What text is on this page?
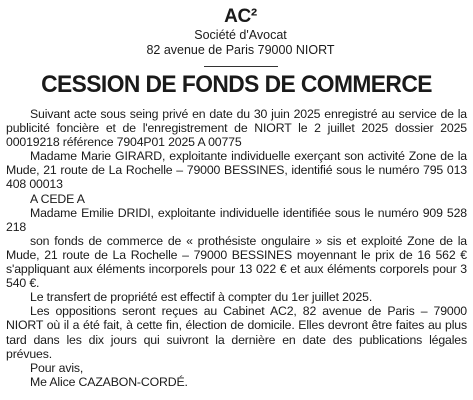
AC²
Société d'Avocat
82 avenue de Paris 79000 NIORT
CESSION DE FONDS DE COMMERCE

Suivant acte sous seing privé en date du 30 juin 2025 enregistré au service de la publicité foncière et de l'enregistrement de NIORT le 2 juillet 2025 dossier 2025 00019218 référence 7904P01 2025 A 00775

Madame Marie GIRARD, exploitante individuelle exerçant son activité Zone de la Mude, 21 route de La Rochelle – 79000 BESSINES, identifié sous le numéro 795 013 408 00013

A CEDE A

Madame Emilie DRIDI, exploitante individuelle identifiée sous le numéro 909 528 218

son fonds de commerce de « prothésiste ongulaire » sis et exploité Zone de la Mude, 21 route de La Rochelle – 79000 BESSINES moyennant le prix de 16 562 € s'appliquant aux éléments incorporels pour 13 022 € et aux éléments corporels pour 3 540 €.

Le transfert de propriété est effectif à compter du 1er juillet 2025.

Les oppositions seront reçues au Cabinet AC2, 82 avenue de Paris – 79000 NIORT où il a été fait, à cette fin, élection de domicile. Elles devront être faites au plus tard dans les dix jours qui suivront la dernière en date des publications légales prévues.

Pour avis,

Me Alice CAZABON-CORDÉ.
